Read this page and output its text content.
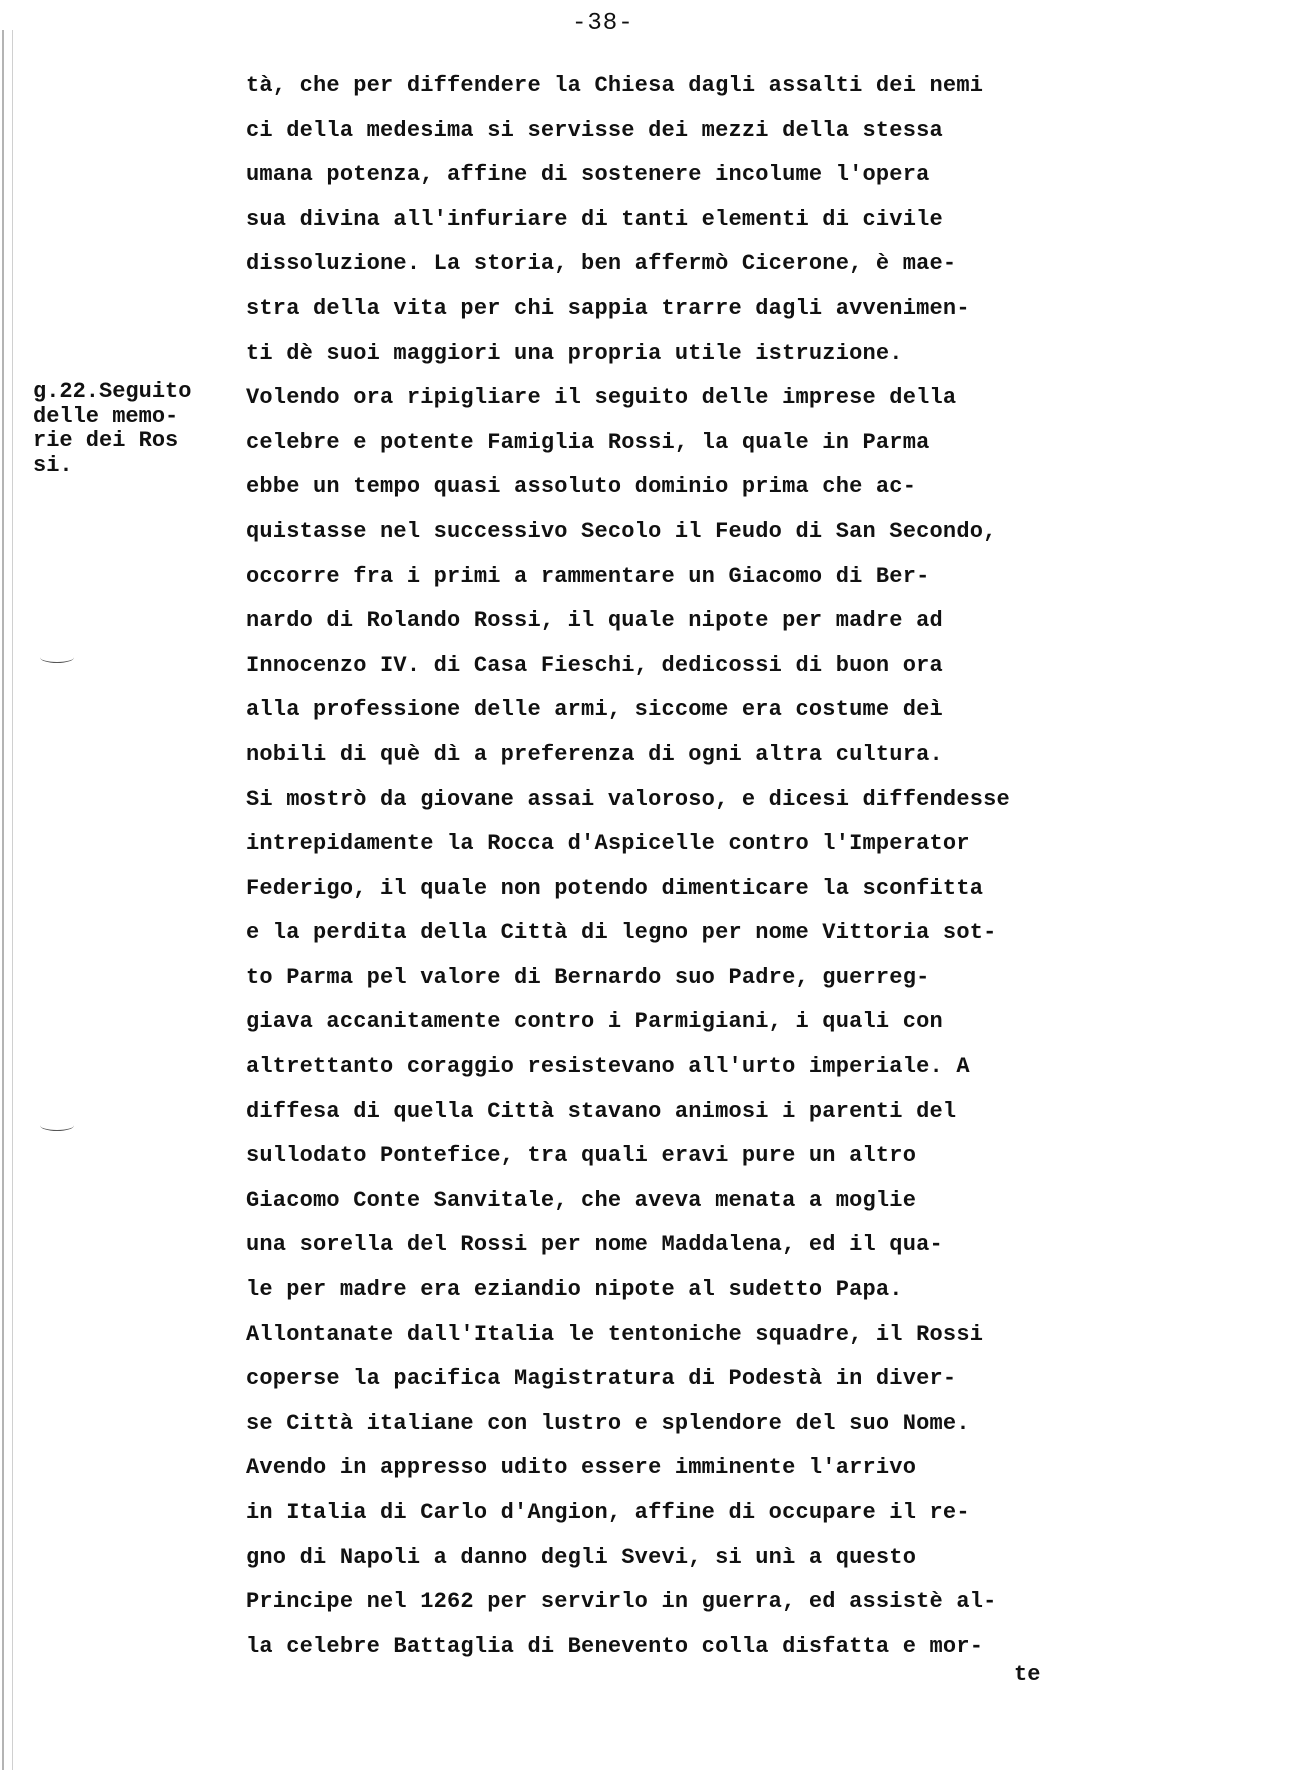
-38-
g.22.Seguito
delle memo-
rie dei Ros
si.
tà, che per diffendere la Chiesa dagli assalti dei nemi
ci della medesima si servisse dei mezzi della stessa
umana potenza, affine di sostenere incolume l'opera
sua divina all'infuriare di tanti elementi di civile
dissoluzione. La storia, ben affermò Cicerone, è mae-
stra della vita per chi sappia trarre dagli avvenimen-
ti dè suoi maggiori una propria utile istruzione.
Volendo ora ripigliare il seguito delle imprese della
celebre e potente Famiglia Rossi, la quale in Parma
ebbe un tempo quasi assoluto dominio prima che ac-
quistasse nel successivo Secolo il Feudo di San Secondo,
occorre fra i primi a rammentare un Giacomo di Ber-
nardo di Rolando Rossi, il quale nipote per madre ad
Innocenzo IV. di Casa Fieschi, dedicossi di buon ora
alla professione delle armi, siccome era costume deì
nobili di què dì a preferenza di ogni altra cultura.
Si mostrò da giovane assai valoroso, e dicesi diffendesse
intrepidamente la Rocca d'Aspicelle contro l'Imperator
Federigo, il quale non potendo dimenticare la sconfitta
e la perdita della Città di legno per nome Vittoria sot-
to Parma pel valore di Bernardo suo Padre, guerreg-
giava accanitamente contro i Parmigiani, i quali con
altrettanto coraggio resistevano all'urto imperiale. A
diffesa di quella Città stavano animosi i parenti del
sullodato Pontefice, tra quali eravi pure un altro
Giacomo Conte Sanvitale, che aveva menata a moglie
una sorella del Rossi per nome Maddalena, ed il qua-
le per madre era eziandio nipote al sudetto Papa.
Allontanate dall'Italia le tentoniche squadre, il Rossi
coperse la pacifica Magistratura di Podestà in diver-
se Città italiane con lustro e splendore del suo Nome.
Avendo in appresso udito essere imminente l'arrivo
in Italia di Carlo d'Angion, affine di occupare il re-
gno di Napoli a danno degli Svevi, si unì a questo
Principe nel 1262 per servirlo in guerra, ed assistè al-
la celebre Battaglia di Benevento colla disfatta e mor-
te
